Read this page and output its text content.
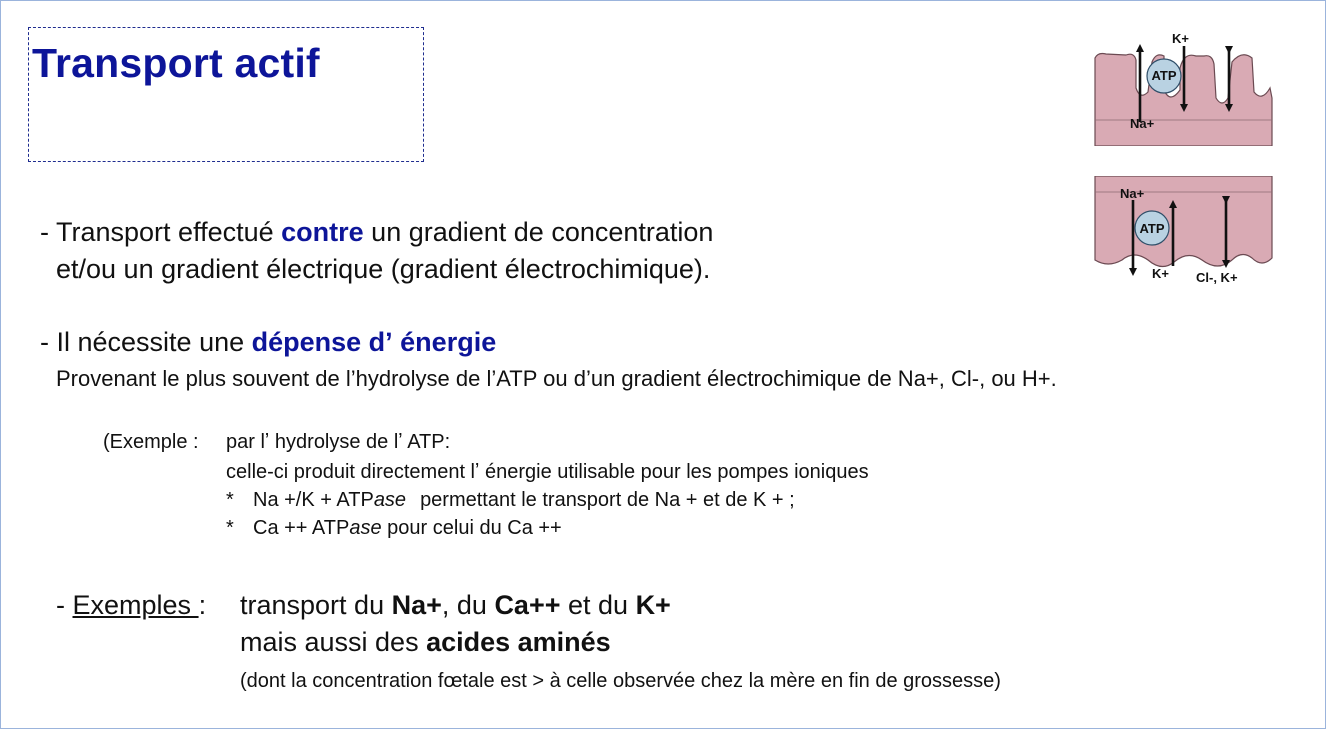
Transport actif
- Transport effectué contre un gradient de concentration
et/ou un gradient électrique (gradient électrochimique).
- Il nécessite une dépense dʼ énergie
Provenant le plus souvent de l’hydrolyse de l’ATP ou d’un gradient électrochimique de Na+, Cl-, ou H+.
(Exemple : par lʼ hydrolyse de lʼ ATP:
celle-ci produit directement lʼ énergie utilisable pour les pompes ioniques
* Na +/K + ATPase permettant le transport de Na + et de K + ;
* Ca ++ ATPase pour celui du Ca ++
- Exemples : transport du Na+, du Ca++ et du K+
mais aussi des acides aminés
(dont la concentration fœtale est > à celle observée chez la mère en fin de grossesse)
ATP
K+
Na+
Na+
ATP
K+ Cl-, K+
